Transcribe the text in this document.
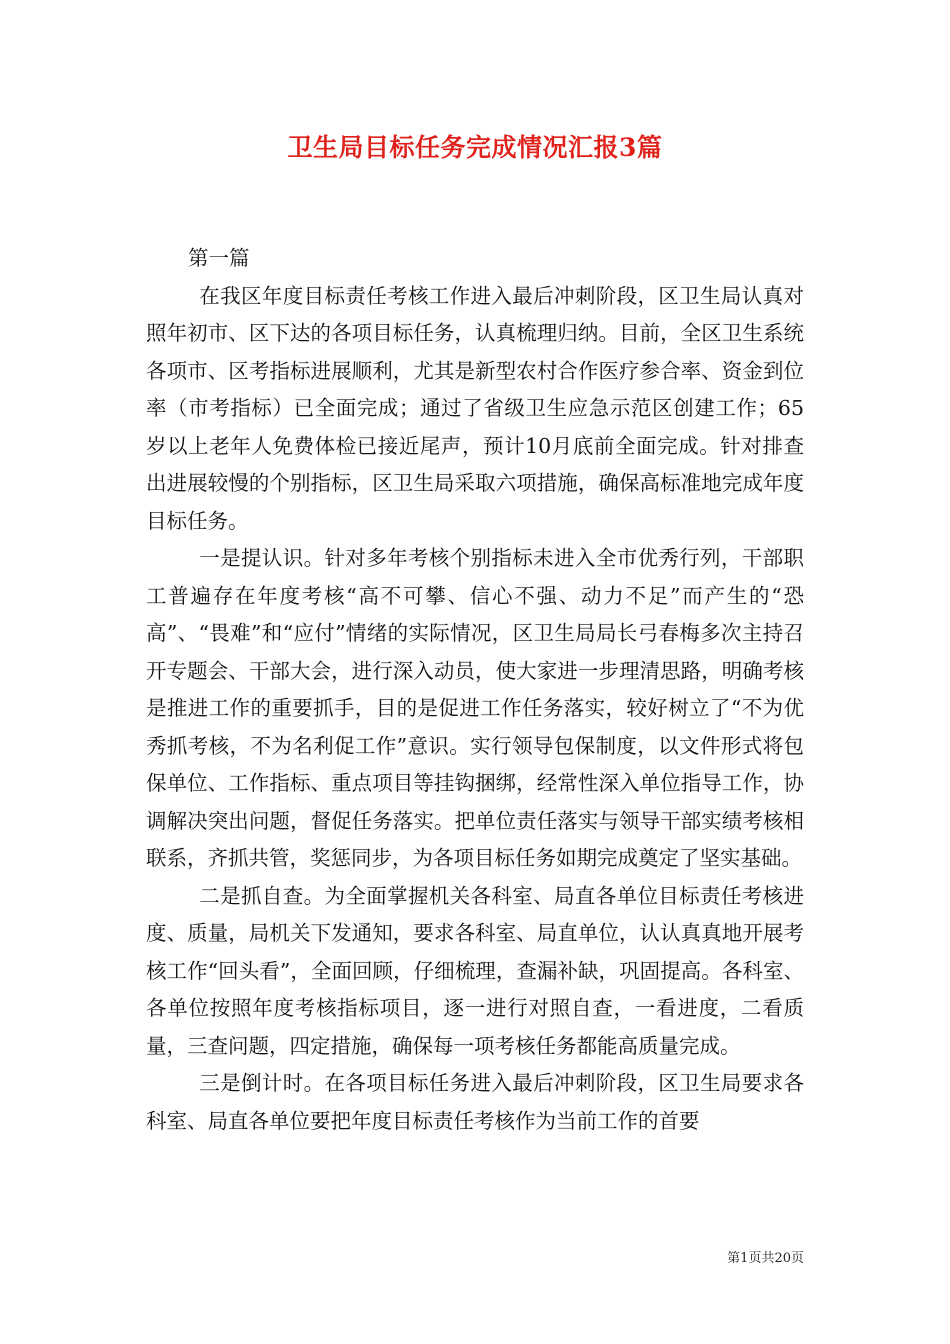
卫生局目标任务完成情况汇报3篇

第一篇

在我区年度目标责任考核工作进入最后冲刺阶段，区卫生局认真对照年初市、区下达的各项目标任务，认真梳理归纳。目前，全区卫生系统各项市、区考指标进展顺利，尤其是新型农村合作医疗参合率、资金到位率（市考指标）已全面完成；通过了省级卫生应急示范区创建工作；65岁以上老年人免费体检已接近尾声，预计10月底前全面完成。针对排查出进展较慢的个别指标，区卫生局采取六项措施，确保高标准地完成年度目标任务。

一是提认识。针对多年考核个别指标未进入全市优秀行列，干部职工普遍存在年度考核“高不可攀、信心不强、动力不足”而产生的“恐高”、“畏难”和“应付”情绪的实际情况，区卫生局局长弓春梅多次主持召开专题会、干部大会，进行深入动员，使大家进一步理清思路，明确考核是推进工作的重要抓手，目的是促进工作任务落实，较好树立了“不为优秀抓考核，不为名利促工作”意识。实行领导包保制度，以文件形式将包保单位、工作指标、重点项目等挂钩捆绑，经常性深入单位指导工作，协调解决突出问题，督促任务落实。把单位责任落实与领导干部实绩考核相联系，齐抓共管，奖惩同步，为各项目标任务如期完成奠定了坚实基础。

二是抓自查。为全面掌握机关各科室、局直各单位目标责任考核进度、质量，局机关下发通知，要求各科室、局直单位，认认真真地开展考核工作“回头看”，全面回顾，仔细梳理，查漏补缺，巩固提高。各科室、各单位按照年度考核指标项目，逐一进行对照自查，一看进度，二看质量，三查问题，四定措施，确保每一项考核任务都能高质量完成。

三是倒计时。在各项目标任务进入最后冲刺阶段，区卫生局要求各科室、局直各单位要把年度目标责任考核作为当前工作的首要

第1页共20页
